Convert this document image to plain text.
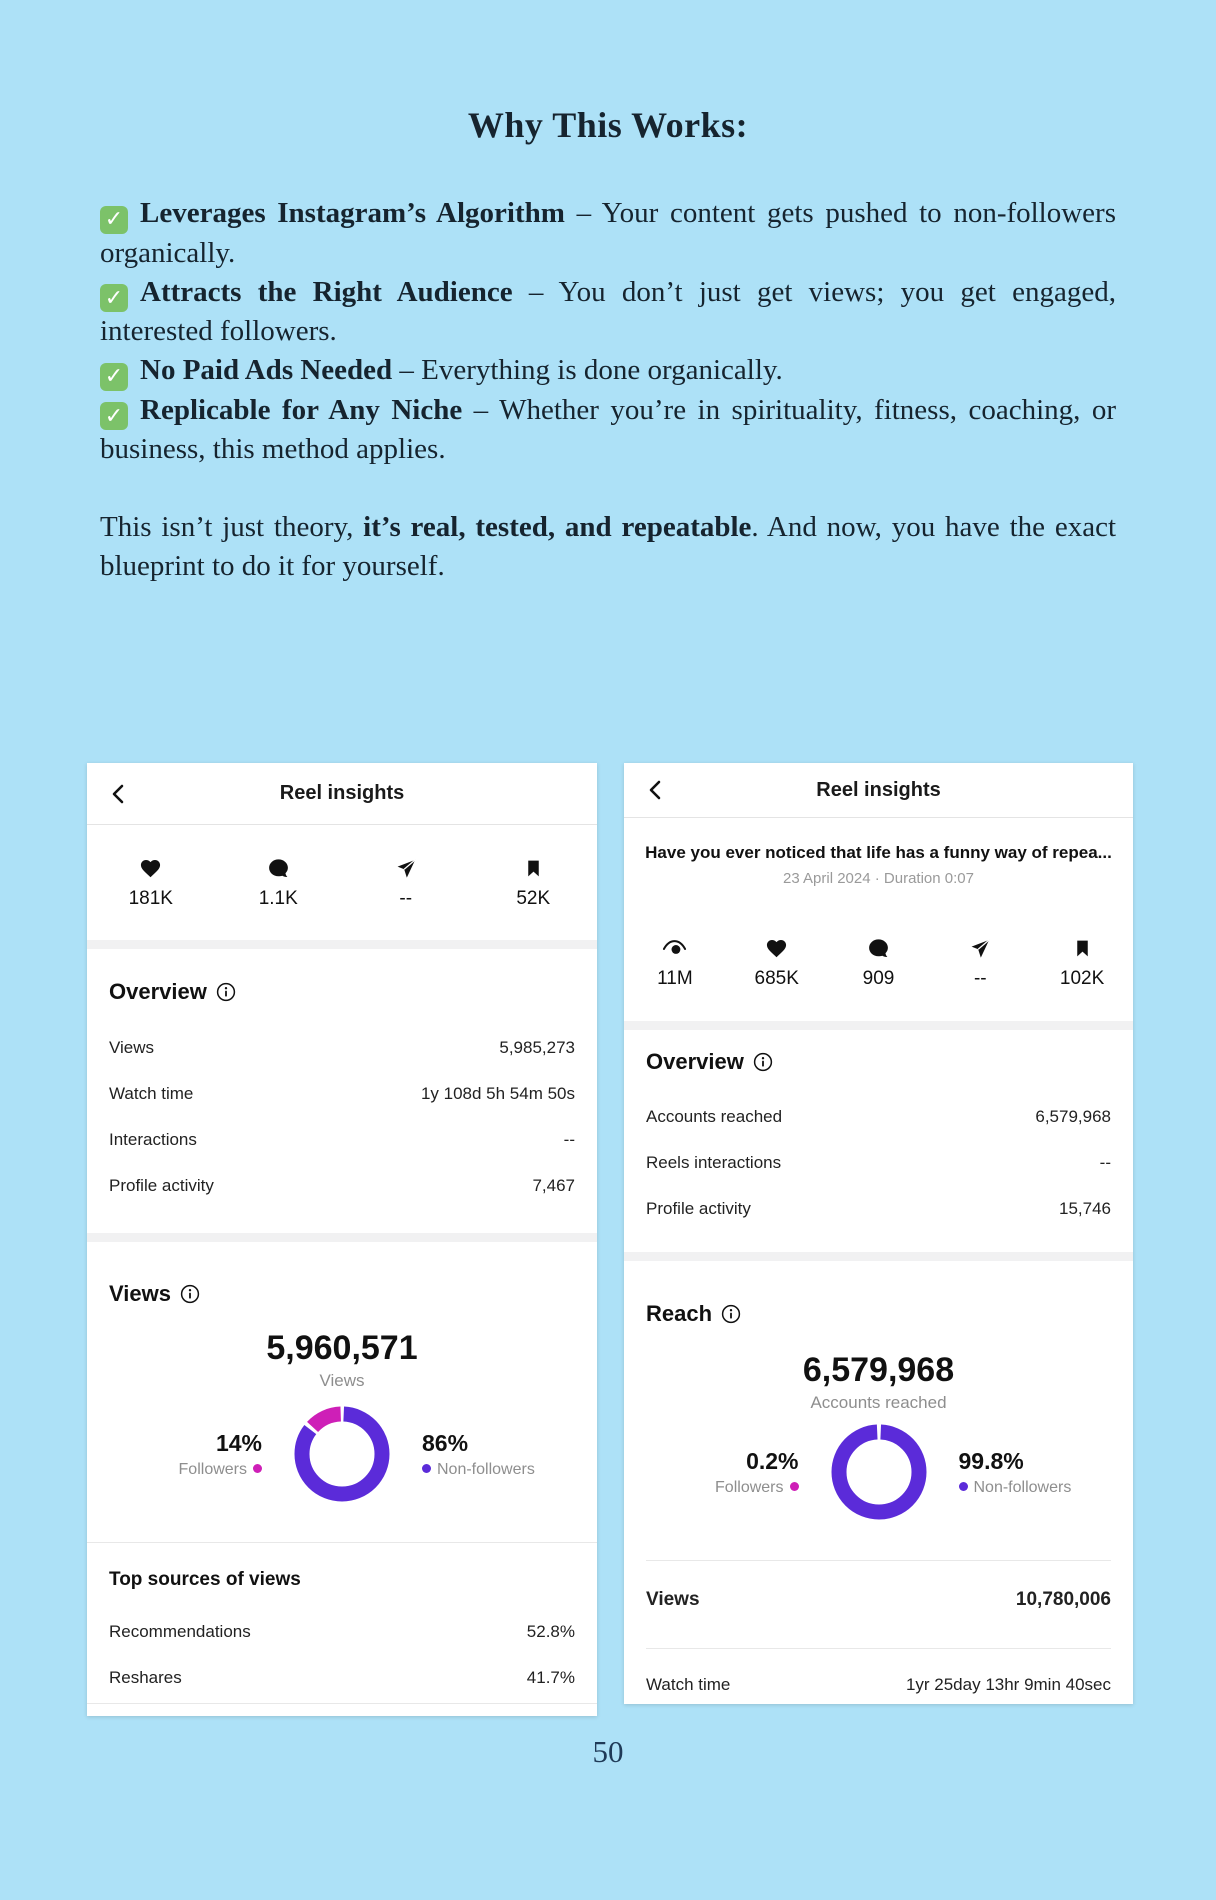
Why This Works:
✓Leverages Instagram’s Algorithm – Your content gets pushed to non-followers organically.
✓Attracts the Right Audience – You don’t just get views; you get engaged, interested followers.
✓No Paid Ads Needed – Everything is done organically.
✓Replicable for Any Niche – Whether you’re in spirituality, fitness, coaching, or business, this method applies.

This isn’t just theory, it’s real, tested, and repeatable. And now, you have the exact blueprint to do it for yourself.

Reel insights
181K	1.1K	--	52K
Overview
Views	5,985,273
Watch time	1y 108d 5h 54m 50s
Interactions	--
Profile activity	7,467
Views
5,960,571
Views
14%
Followers
86%
Non-followers
Top sources of views
Recommendations	52.8%
Reshares	41.7%
Reel insights
Have you ever noticed that life has a funny way of repea...
23 April 2024 · Duration 0:07
11M	685K	909	--	102K
Overview
Accounts reached	6,579,968
Reels interactions	--
Profile activity	15,746
Reach
6,579,968
Accounts reached
0.2%
Followers
99.8%
Non-followers
Views	10,780,006
Watch time	1yr 25day 13hr 9min 40sec
50
